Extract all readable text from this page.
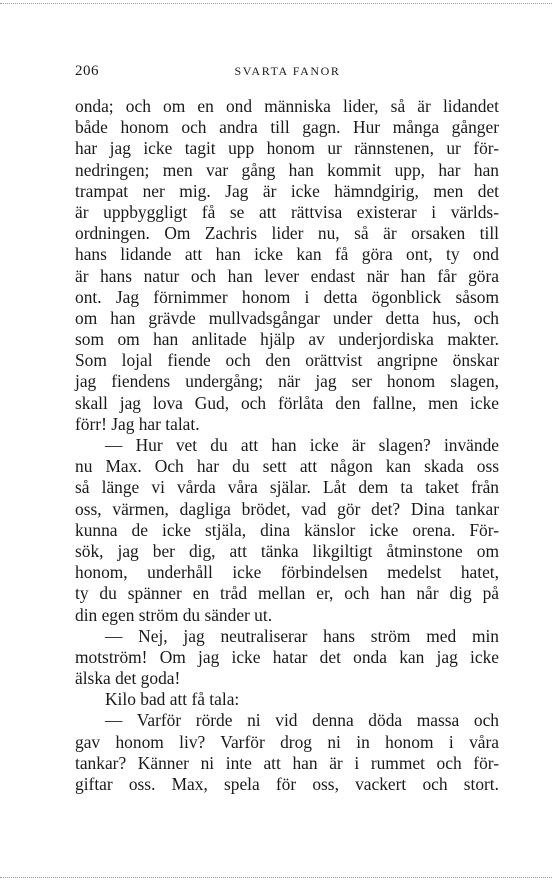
206	SVARTA FANOR
onda; och om en ond människa lider, så är lidandet
både honom och andra till gagn. Hur många gånger
har jag icke tagit upp honom ur rännstenen, ur för-
nedringen; men var gång han kommit upp, har han
trampat ner mig. Jag är icke hämndgirig, men det
är uppbyggligt få se att rättvisa existerar i världs-
ordningen. Om Zachris lider nu, så är orsaken till
hans lidande att han icke kan få göra ont, ty ond
är hans natur och han lever endast när han får göra
ont. Jag förnimmer honom i detta ögonblick såsom
om han grävde mullvadsgångar under detta hus, och
som om han anlitade hjälp av underjordiska makter.
Som lojal fiende och den orättvist angripne önskar
jag fiendens undergång; när jag ser honom slagen,
skall jag lova Gud, och förlåta den fallne, men icke
förr! Jag har talat.
— Hur vet du att han icke är slagen? invände
nu Max. Och har du sett att någon kan skada oss
så länge vi vårda våra själar. Låt dem ta taket från
oss, värmen, dagliga brödet, vad gör det? Dina tankar
kunna de icke stjäla, dina känslor icke orena. För-
sök, jag ber dig, att tänka likgiltigt åtminstone om
honom, underhåll icke förbindelsen medelst hatet,
ty du spänner en tråd mellan er, och han når dig på
din egen ström du sänder ut.
— Nej, jag neutraliserar hans ström med min
motström! Om jag icke hatar det onda kan jag icke
älska det goda!
Kilo bad att få tala:
— Varför rörde ni vid denna döda massa och
gav honom liv? Varför drog ni in honom i våra
tankar? Känner ni inte att han är i rummet och för-
giftar oss. Max, spela för oss, vackert och stort.
